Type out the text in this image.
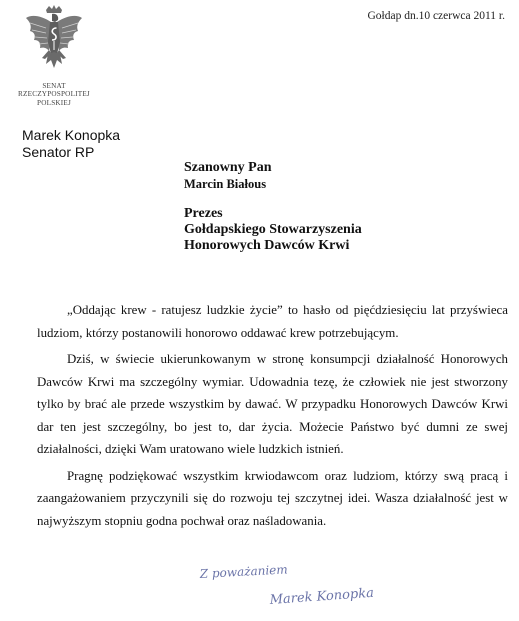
SENAT
RZECZYPOSPOLITEJ
POLSKIEJ
Gołdap dn.10 czerwca 2011 r.
Marek Konopka
Senator RP
Szanowny Pan
Marcin Białous
Prezes
Gołdapskiego Stowarzyszenia
Honorowych Dawców Krwi

„Oddając krew - ratujesz ludzkie życie” to hasło od pięćdziesięciu lat przyświeca ludziom, którzy postanowili honorowo oddawać krew potrzebującym.

Dziś, w świecie ukierunkowanym w stronę konsumpcji działalność Honorowych Dawców Krwi ma szczególny wymiar. Udowadnia tezę, że człowiek nie jest stworzony tylko by brać ale przede wszystkim by dawać. W przypadku Honorowych Dawców Krwi dar ten jest szczególny, bo jest to, dar życia. Możecie Państwo być dumni ze swej działalności, dzięki Wam uratowano wiele ludzkich istnień.

Pragnę podziękować wszystkim krwiodawcom oraz ludziom, którzy swą pracą i zaangażowaniem przyczynili się do rozwoju tej szczytnej idei. Wasza działalność jest w najwyższym stopniu godna pochwał oraz naśladowania.

Z poważaniem
Marek Konopka
